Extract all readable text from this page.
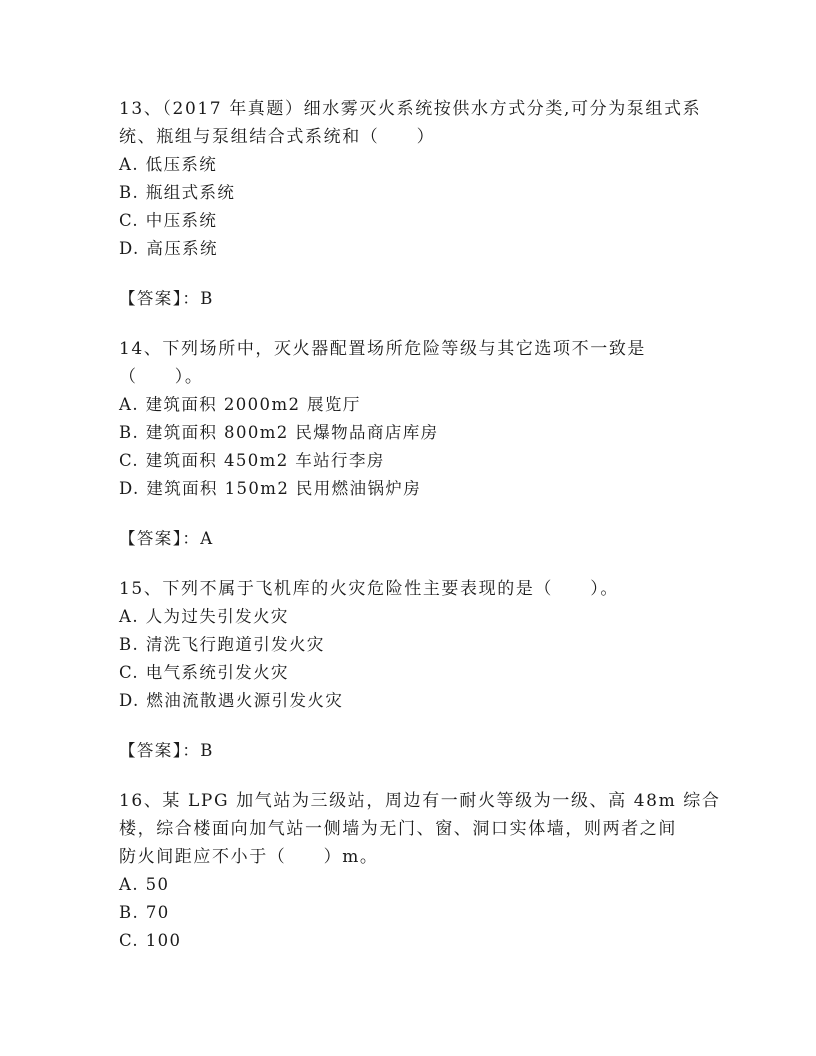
13、（2017 年真题）细水雾灭火系统按供水方式分类,可分为泵组式系
统、瓶组与泵组结合式系统和（　　）
A. 低压系统
B. 瓶组式系统
C. 中压系统
D. 高压系统
【答案】：B
14、下列场所中，灭火器配置场所危险等级与其它选项不一致是
（　　）。
A. 建筑面积 2000m2 展览厅
B. 建筑面积 800m2 民爆物品商店库房
C. 建筑面积 450m2 车站行李房
D. 建筑面积 150m2 民用燃油锅炉房
【答案】：A
15、下列不属于飞机库的火灾危险性主要表现的是（　　）。
A. 人为过失引发火灾
B. 清洗飞行跑道引发火灾
C. 电气系统引发火灾
D. 燃油流散遇火源引发火灾
【答案】：B
16、某 LPG 加气站为三级站，周边有一耐火等级为一级、高 48m 综合
楼，综合楼面向加气站一侧墙为无门、窗、洞口实体墙，则两者之间
防火间距应不小于（　　）m。
A. 50
B. 70
C. 100
